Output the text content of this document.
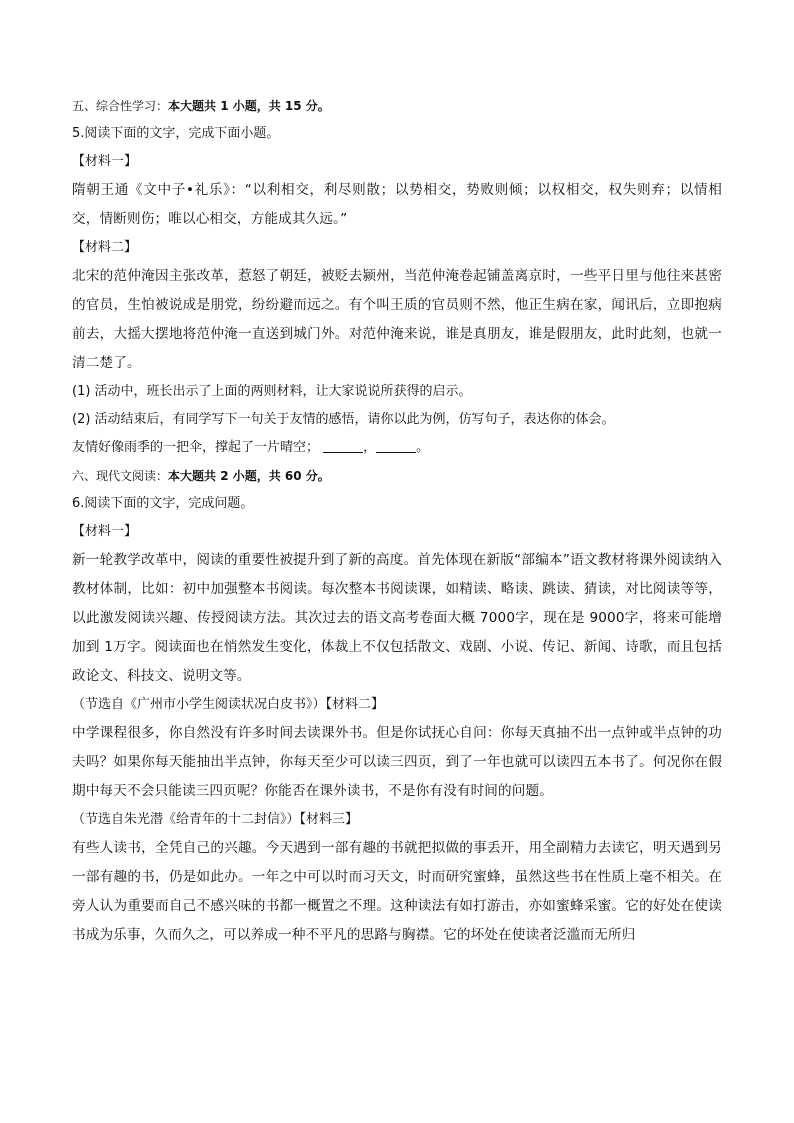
五、综合性学习：本大题共 1 小题，共 15 分。
5.阅读下面的文字，完成下面小题。
【材料一】
隋朝王通《文中子•礼乐》：“以利相交，利尽则散；以势相交，势败则倾；以权相交，权失则弃；以情相交，情断则伤；唯以心相交，方能成其久远。”
【材料二】
北宋的范仲淹因主张改革，惹怒了朝廷，被贬去颍州，当范仲淹卷起铺盖离京时，一些平日里与他往来甚密的官员，生怕被说成是朋党，纷纷避而远之。有个叫王质的官员则不然，他正生病在家，闻讯后，立即抱病前去，大摇大摆地将范仲淹一直送到城门外。对范仲淹来说，谁是真朋友，谁是假朋友，此时此刻，也就一清二楚了。
(1) 活动中，班长出示了上面的两则材料，让大家说说所获得的启示。
(2) 活动结束后，有同学写下一句关于友情的感悟，请你以此为例，仿写句子，表达你的体会。
友情好像雨季的一把伞，撑起了一片晴空；	，	。
六、现代文阅读：本大题共 2 小题，共 60 分。
6.阅读下面的文字，完成问题。
【材料一】
新一轮教学改革中，阅读的重要性被提升到了新的高度。首先体现在新版“部编本”语文教材将课外阅读纳入教材体制，比如：初中加强整本书阅读。每次整本书阅读课，如精读、略读、跳读、猜读，对比阅读等等，以此激发阅读兴趣、传授阅读方法。其次过去的语文高考卷面大概 7000字，现在是 9000字，将来可能增加到 1万字。阅读面也在悄然发生变化，体裁上不仅包括散文、戏剧、小说、传记、新闻、诗歌，而且包括政论文、科技文、说明文等。
（节选自《广州市小学生阅读状况白皮书》）【材料二】
中学课程很多，你自然没有许多时间去读课外书。但是你试抚心自问：你每天真抽不出一点钟或半点钟的功夫吗？如果你每天能抽出半点钟，你每天至少可以读三四页，到了一年也就可以读四五本书了。何况你在假期中每天不会只能读三四页呢？你能否在课外读书，不是你有没有时间的问题。
（节选自朱光潜《给青年的十二封信》）【材料三】
有些人读书，全凭自己的兴趣。今天遇到一部有趣的书就把拟做的事丢开，用全副精力去读它，明天遇到另一部有趣的书，仍是如此办。一年之中可以时而习天文，时而研究蜜蜂，虽然这些书在性质上毫不相关。在旁人认为重要而自己不感兴味的书都一概置之不理。这种读法有如打游击，亦如蜜蜂采蜜。它的好处在使读书成为乐事，久而久之，可以养成一种不平凡的思路与胸襟。它的坏处在使读者泛滥而无所归
